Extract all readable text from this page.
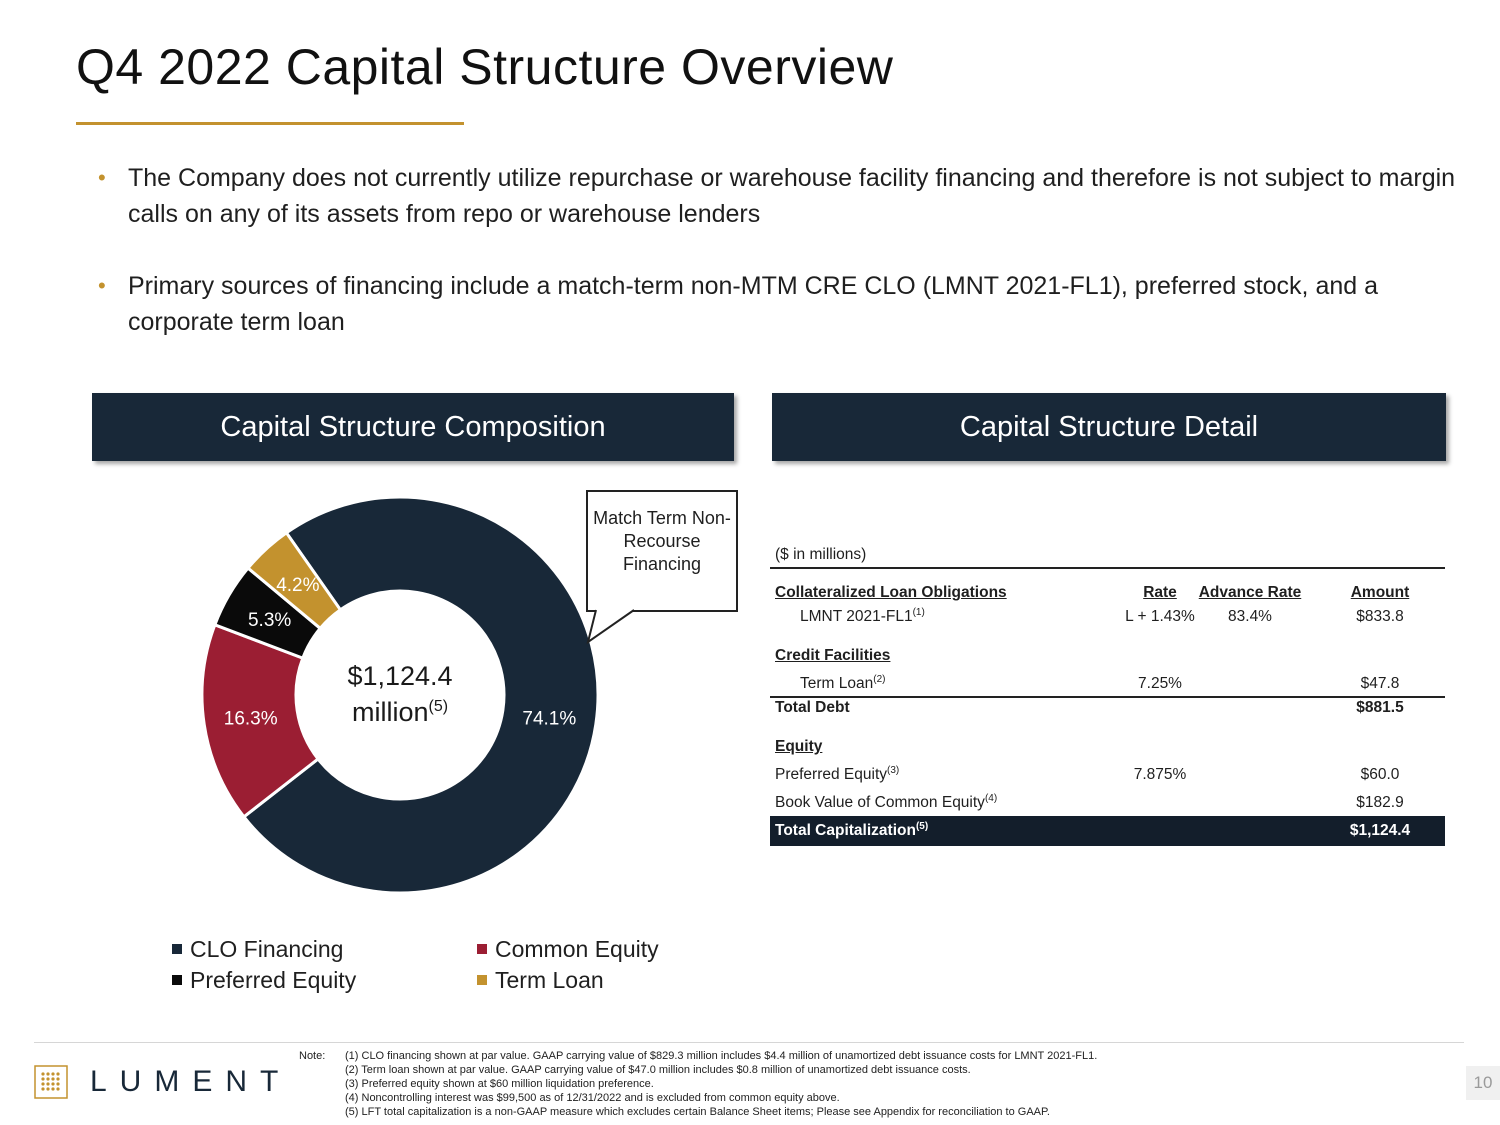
Q4 2022 Capital Structure Overview
• The Company does not currently utilize repurchase or warehouse facility financing and therefore is not subject to margin calls on any of its assets from repo or warehouse lenders
• Primary sources of financing include a match-term non-MTM CRE CLO (LMNT 2021-FL1), preferred stock, and a corporate term loan
Capital Structure Composition	Capital Structure Detail
74.1%
16.3%
5.3%
4.2%
$1,124.4
million$^{(5)}$
Match Term Non-Recourse Financing
CLO Financing	Common Equity
Preferred Equity	Term Loan
($ in millions)
Collateralized Loan Obligations	Rate	Advance Rate	Amount
LMNT 2021-FL1$^{(1)}$	L + 1.43%	83.4%	$833.8
Credit Facilities
Term Loan$^{(2)}$	7.25%	$47.8
Total Debt	$881.5
Equity
Preferred Equity$^{(3)}$	7.875%	$60.0
Book Value of Common Equity$^{(4)}$	$182.9
Total Capitalization$^{(5)}$	$1,124.4
LUMENT
Note: (1) CLO financing shown at par value. GAAP carrying value of $829.3 million includes $4.4 million of unamortized debt issuance costs for LMNT 2021-FL1.
(2) Term loan shown at par value. GAAP carrying value of $47.0 million includes $0.8 million of unamortized debt issuance costs.
(3) Preferred equity shown at $60 million liquidation preference.
(4) Noncontrolling interest was $99,500 as of 12/31/2022 and is excluded from common equity above.
(5) LFT total capitalization is a non-GAAP measure which excludes certain Balance Sheet items; Please see Appendix for reconciliation to GAAP.
10
